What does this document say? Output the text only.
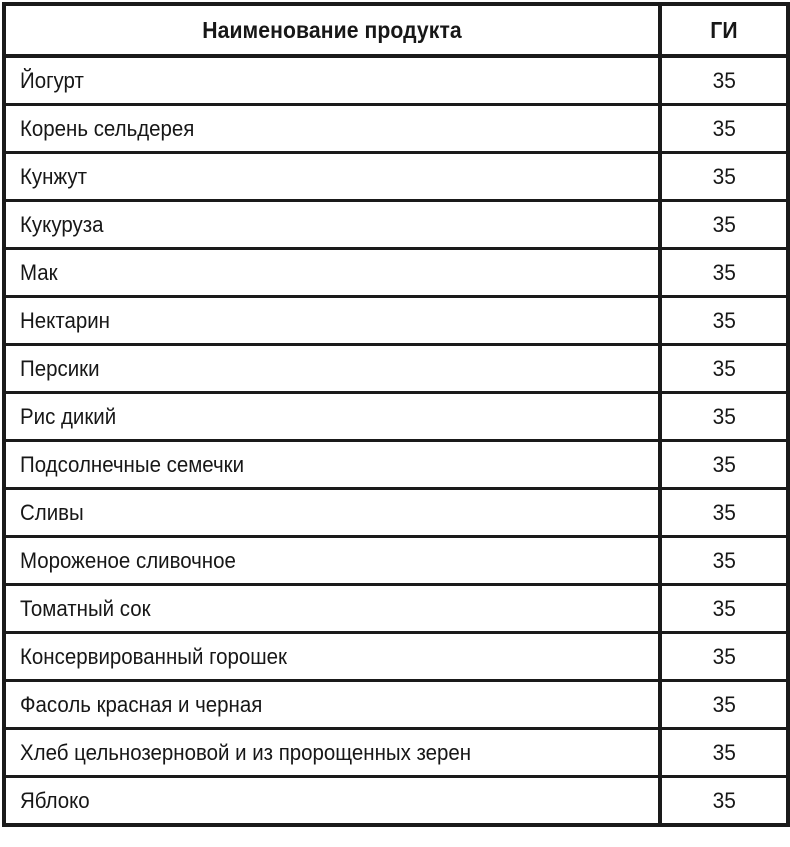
Наименование продукта	ГИ

Йогурт	35
Корень сельдерея	35
Кунжут	35
Кукуруза	35
Мак	35
Нектарин	35
Персики	35
Рис дикий	35
Подсолнечные семечки	35
Сливы	35
Мороженое сливочное	35
Томатный сок	35
Консервированный горошек	35
Фасоль красная и черная	35
Хлеб цельнозерновой и из пророщенных зерен	35
Яблоко	35
